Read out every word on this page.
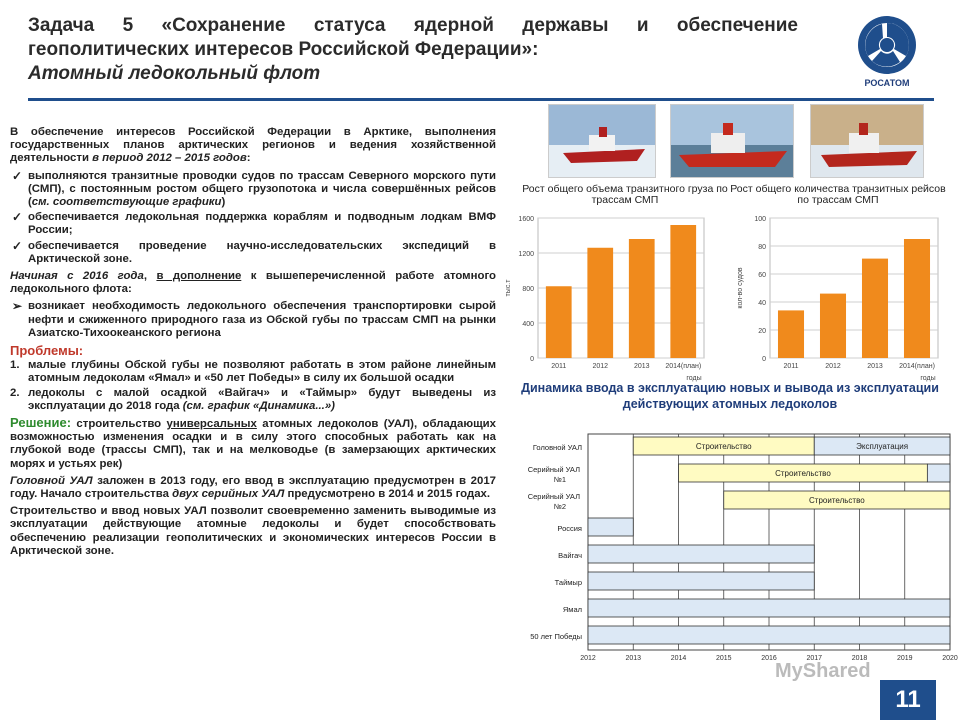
Задача 5 «Сохранение статуса ядерной державы и обеспечение геополитических интересов Российской Федерации»:
Атомный ледокольный флот	РОСАТОМ
В обеспечение интересов Российской Федерации в Арктике, выполнения государственных планов арктических регионов и ведения хозяйственной деятельности в период 2012 – 2015 годов:
✓ выполняются транзитные проводки судов по трассам Северного морского пути (СМП), с постоянным ростом общего грузопотока и числа совершённых рейсов (см. соответствующие графики)
✓ обеспечивается ледокольная поддержка кораблям и подводным лодкам ВМФ России;
✓ обеспечивается проведение научно-исследовательских экспедиций в Арктической зоне.
Начиная с 2016 года, в дополнение к вышеперечисленной работе атомного ледокольного флота:
➢ возникает необходимость ледокольного обеспечения транспортировки сырой нефти и сжиженного природного газа из Обской губы по трассам СМП на рынки Азиатско-Тихоокеанского региона
Проблемы:
1. малые глубины Обской губы не позволяют работать в этом районе линейным атомным ледоколам «Ямал» и «50 лет Победы» в силу их большой осадки
2. ледоколы с малой осадкой «Вайгач» и «Таймыр» будут выведены из эксплуатации до 2018 года (см. график «Динамика...»)
Решение: строительство универсальных атомных ледоколов (УАЛ), обладающих возможностью изменения осадки и в силу этого способных работать как на глубокой воде (трассы СМП), так и на мелководье (в замерзающих арктических морях и устьях рек)
Головной УАЛ заложен в 2013 году, его ввод в эксплуатацию предусмотрен в 2017 году. Начало строительства двух серийных УАЛ предусмотрено в 2014 и 2015 годах.
Строительство и ввод новых УАЛ позволит своевременно заменить выводимые из эксплуатации действующие атомные ледоколы и будет способствовать обеспечению реализации геополитических и экономических интересов России в Арктической зоне.
Рост общего объема транзитного груза по трассам СМП
Рост общего количества транзитных рейсов по трассам СМП
0
400
800
1200
1600
2011	2012	2013 2014(план)
тыс.т
годы
0
20
40
60
80
100
2011	2012	2013 2014(план)
кол-во судов
годы
Динамика ввода в эксплуатацию новых и вывода из эксплуатации действующих атомных ледоколов
2012	2013	2014	2015	2016	2017	2018	2019	2020
Головной УАЛ	Строительство	Эксплуатация
Серийный УАЛ
№1
Строительство
Серийный УАЛ
№2
Строительство
Россия
Вайгач
Таймыр
Ямал
50 лет Победы
MyShared
11
